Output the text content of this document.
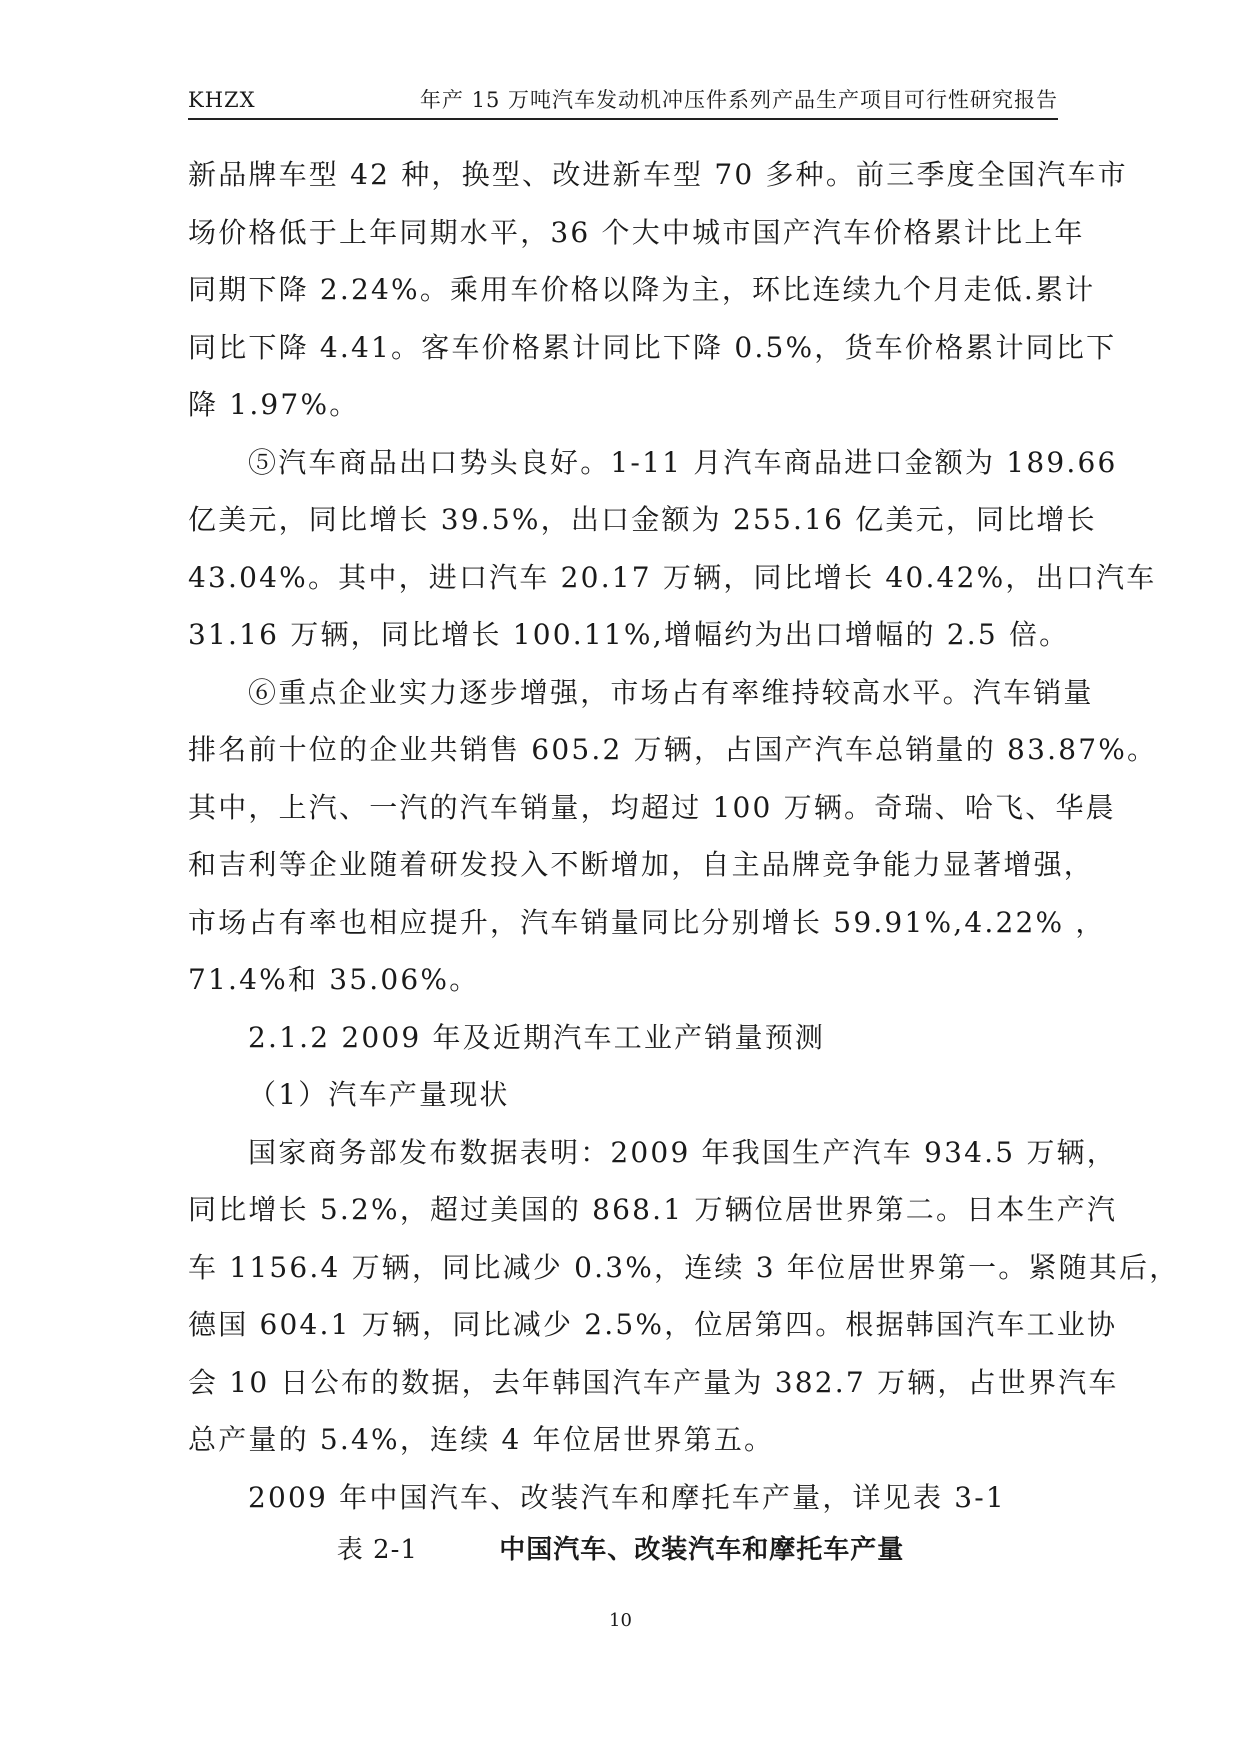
KHZX	年产 15 万吨汽车发动机冲压件系列产品生产项目可行性研究报告

新品牌车型 42 种，换型、改进新车型 70 多种。前三季度全国汽车市
场价格低于上年同期水平，36 个大中城市国产汽车价格累计比上年
同期下降 2.24%。乘用车价格以降为主，环比连续九个月走低.累计
同比下降 4.41。客车价格累计同比下降 0.5%，货车价格累计同比下
降 1.97%。

⑤汽车商品出口势头良好。1-11 月汽车商品进口金额为 189.66
亿美元，同比增长 39.5%，出口金额为 255.16 亿美元，同比增长
43.04%。其中，进口汽车 20.17 万辆，同比增长 40.42%，出口汽车
31.16 万辆，同比增长 100.11%,增幅约为出口增幅的 2.5 倍。

⑥重点企业实力逐步增强，市场占有率维持较高水平。汽车销量
排名前十位的企业共销售 605.2 万辆，占国产汽车总销量的 83.87%。
其中，上汽、一汽的汽车销量，均超过 100 万辆。奇瑞、哈飞、华晨
和吉利等企业随着研发投入不断增加，自主品牌竞争能力显著增强，
市场占有率也相应提升，汽车销量同比分别增长 59.91%,4.22% ，
71.4%和 35.06%。

2.1.2 2009 年及近期汽车工业产销量预测

（1）汽车产量现状

国家商务部发布数据表明：2009 年我国生产汽车 934.5 万辆，
同比增长 5.2%，超过美国的 868.1 万辆位居世界第二。日本生产汽
车 1156.4 万辆，同比减少 0.3%，连续 3 年位居世界第一。紧随其后，
德国 604.1 万辆，同比减少 2.5%，位居第四。根据韩国汽车工业协
会 10 日公布的数据，去年韩国汽车产量为 382.7 万辆，占世界汽车
总产量的 5.4%，连续 4 年位居世界第五。

2009 年中国汽车、改装汽车和摩托车产量，详见表 3-1

表 2-1	中国汽车、改装汽车和摩托车产量
10
